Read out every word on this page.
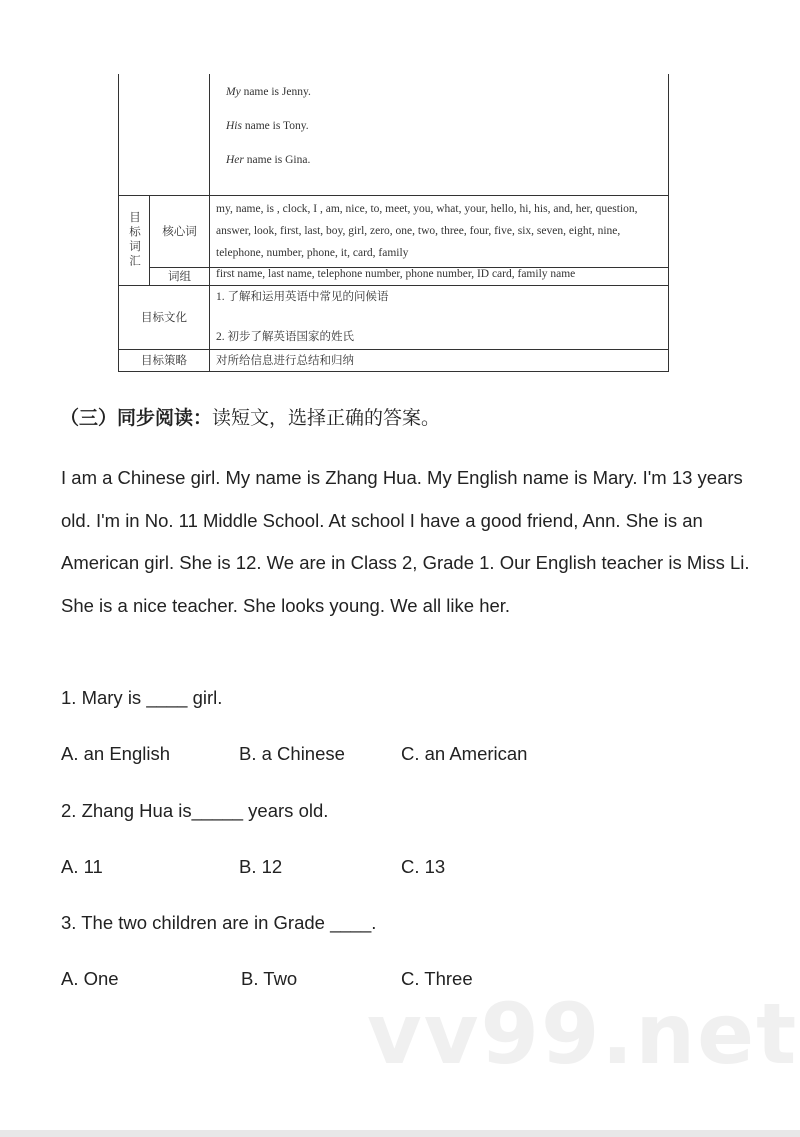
		My name is Jenny.

His name is Tony.

Her name is Gina.

目标词汇	核心词	my, name, is , clock, I , am, nice, to, meet, you, what, your, hello, hi, his, and, her, question, answer, look, first, last, boy, girl, zero, one, two, three, four, five, six, seven, eight, nine, telephone, number, phone, it, card, family
	词组	first name, last name, telephone number, phone number, ID card, family name
目标文化		1. 了解和运用英语中常见的问候语
2. 初步了解英语国家的姓氏

目标策略		对所给信息进行总结和归纳
（三）同步阅读：读短文，选择正确的答案。

I am a Chinese girl. My name is Zhang Hua. My English name is Mary. I'm 13 years old. I'm in No. 11 Middle School. At school I have a good friend, Ann. She is an American girl. She is 12. We are in Class 2, Grade 1. Our English teacher is Miss Li. She is a nice teacher. She looks young. We all like her.

1. Mary is ____ girl.
A. an English	B. a Chinese	C. an American
2. Zhang Hua is_____ years old.
A. 11	B. 12	C. 13
3. The two children are in Grade ____.
A. One	B. Two	C. Three
vv99.net
